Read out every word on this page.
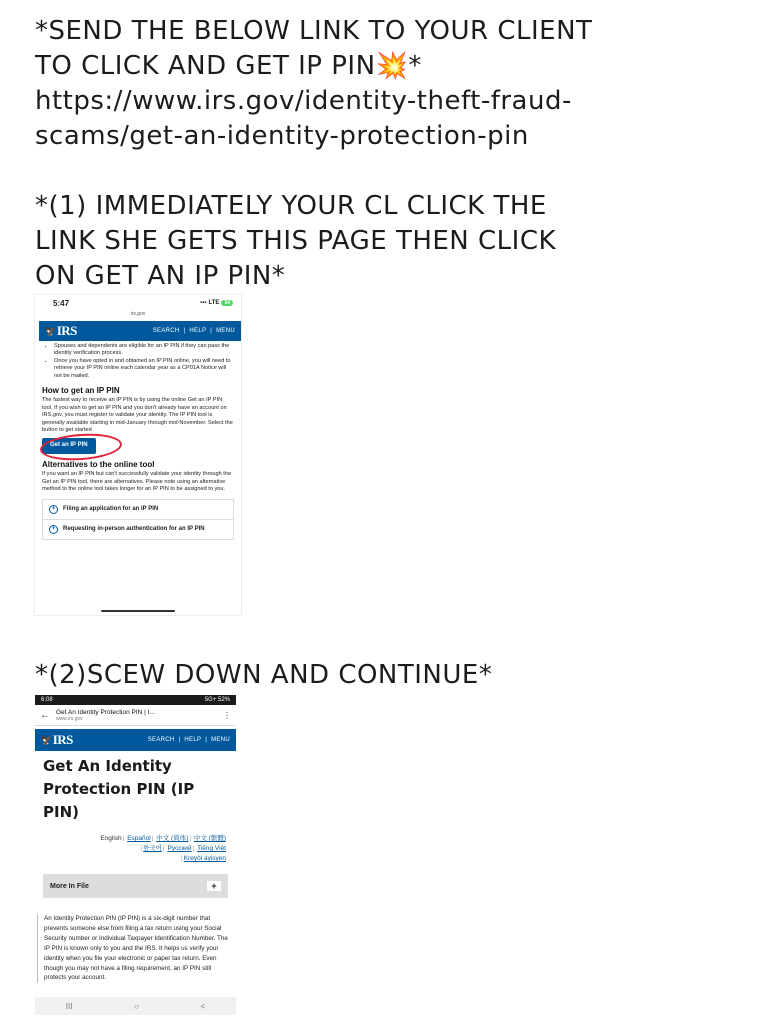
*SEND THE BELOW LINK TO YOUR CLIENT
TO CLICK AND GET IP PIN💥*

https://www.irs.gov/identity-theft-fraud-
scams/get-an-identity-protection-pin

*(1) IMMEDIATELY YOUR CL CLICK THE
LINK SHE GETS THIS PAGE THEN CLICK
ON GET AN IP PIN*
*(2)SCEW DOWN AND CONTINUE*
5:47	▪▪▪ LTE	54
irs.gov
🦅 IRS	SEARCH | HELP | MENU
• Spouses and dependents are eligible for an IP PIN if they can pass the identity verification process.
• Once you have opted in and obtained an IP PIN online, you will need to retrieve your IP PIN online each calendar year as a CP01A Notice will not be mailed.
How to get an IP PIN
The fastest way to receive an IP PIN is by using the online Get an IP PIN tool. If you wish to get an IP PIN and you don't already have an account on IRS.gov, you must register to validate your identity. The IP PIN tool is generally available starting in mid-January through mid-November. Select the button to get started
Get an IP PIN
Alternatives to the online tool
If you want an IP PIN but can't successfully validate your identity through the Get an IP PIN tool, there are alternatives. Please note using an alternative method to the online tool takes longer for an IP PIN to be assigned to you.
+	Filing an application for an IP PIN
+	Requesting in-person authentication for an IP PIN
6:08	5G+ 52%
← Get An Identity Protection PIN | I...
www.irs.gov	⋮
🦅 IRS	SEARCH | HELP | MENU
Get An Identity
Protection PIN (IP
PIN)
English| Español| 中文 (简体)| 中文 (繁體)
|한국어| Русский| Tiếng Việt
|Kreyòl ayisyen
More In File	+
An Identity Protection PIN (IP PIN) is a six-digit number that prevents someone else from filing a tax return using your Social Security number or Individual Taxpayer Identification Number. The IP PIN is known only to you and the IRS. It helps us verify your identity when you file your electronic or paper tax return. Even though you may not have a filing requirement, an IP PIN still protects your account.
III	○	<
